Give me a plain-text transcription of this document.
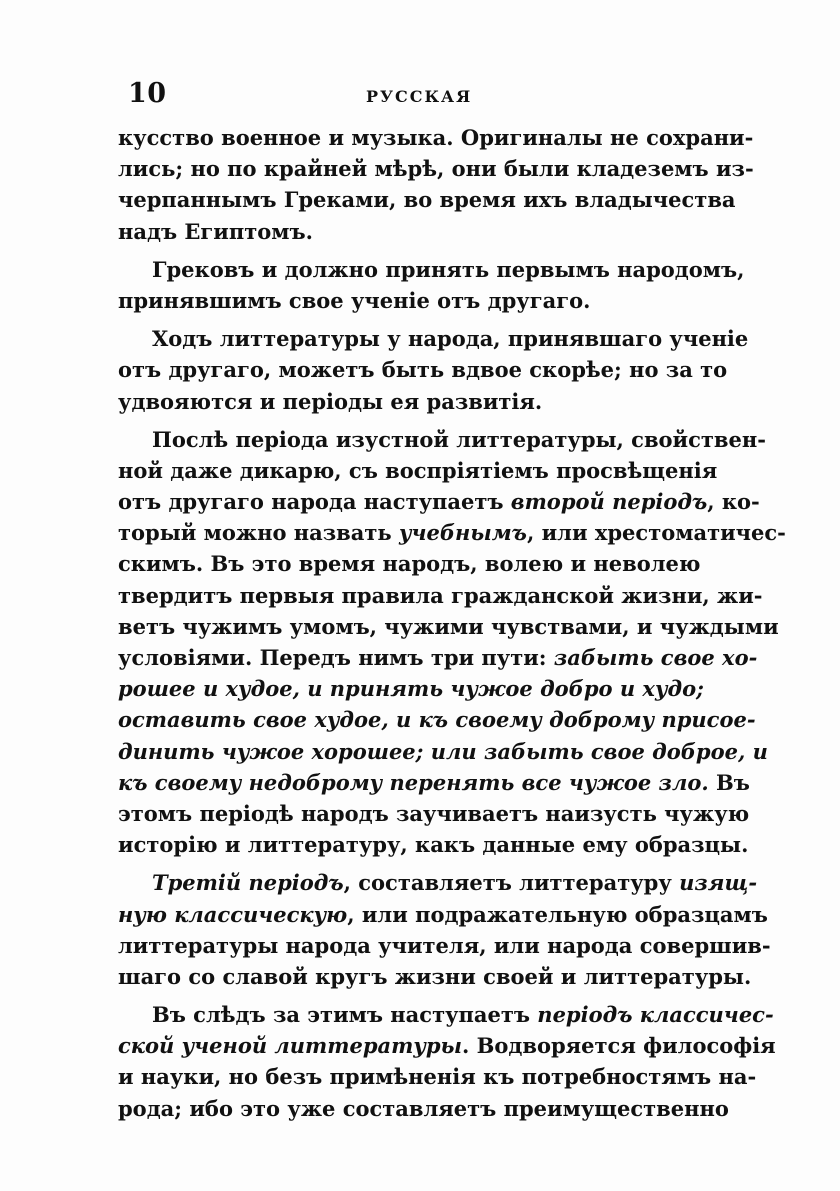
10	РУССКАЯ
кусство военное и музыка. Оригиналы не сохрани-
лись; но по крайней мѣрѣ, они были кладеземъ из-
черпаннымъ Греками, во время ихъ владычества
надъ Египтомъ.
Грековъ и должно принять первымъ народомъ,
принявшимъ свое ученіе отъ другаго.
Ходъ литтературы у народа, принявшаго ученіе
отъ другаго, можетъ быть вдвое скорѣе; но за то
удвояются и періоды ея развитія.
Послѣ періода изустной литтературы, свойствен-
ной даже дикарю, съ воспріятіемъ просвѣщенія
отъ другаго народа наступаетъ второй періодъ, ко-
торый можно назвать учебнымъ, или хрестоматичес-
скимъ. Въ это время народъ, волею и неволею
твердитъ первыя правила гражданской жизни, жи-
ветъ чужимъ умомъ, чужими чувствами, и чуждыми
условіями. Передъ нимъ три пути: забыть свое хо-
рошее и худое, и принять чужое добро и худо;
оставить свое худое, и къ своему доброму присое-
динить чужое хорошее; или забыть свое доброе, и
къ своему недоброму перенять все чужое зло. Въ
этомъ періодѣ народъ заучиваетъ наизусть чужую
исторію и литтературу, какъ данные ему образцы.
Третій періодъ, составляетъ литтературу изящ-
ную классическую, или подражательную образцамъ
литтературы народа учителя, или народа совершив-
шаго со славой кругъ жизни своей и литтературы.
Въ слѣдъ за этимъ наступаетъ періодъ классичес-
ской ученой литтературы. Водворяется философія
и науки, но безъ примѣненія къ потребностямъ на-
рода; ибо это уже составляетъ преимущественно
